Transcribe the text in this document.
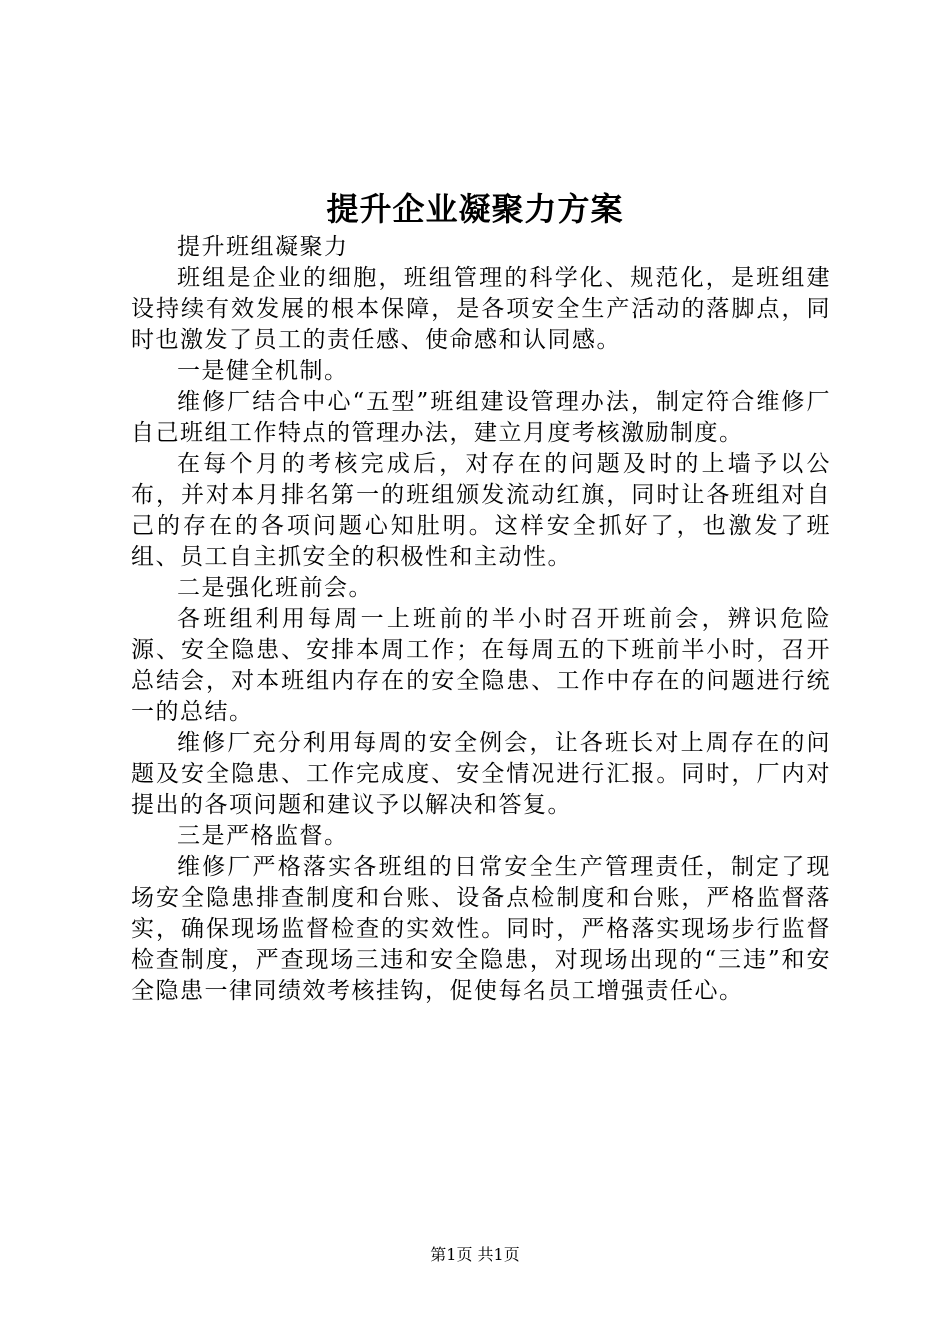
提升企业凝聚力方案

提升班组凝聚力

班组是企业的细胞，班组管理的科学化、规范化，是班组建设持续有效发展的根本保障，是各项安全生产活动的落脚点，同时也激发了员工的责任感、使命感和认同感。

一是健全机制。

维修厂结合中心“五型”班组建设管理办法，制定符合维修厂自己班组工作特点的管理办法，建立月度考核激励制度。

在每个月的考核完成后，对存在的问题及时的上墙予以公布，并对本月排名第一的班组颁发流动红旗，同时让各班组对自己的存在的各项问题心知肚明。这样安全抓好了，也激发了班组、员工自主抓安全的积极性和主动性。

二是强化班前会。

各班组利用每周一上班前的半小时召开班前会，辨识危险源、安全隐患、安排本周工作；在每周五的下班前半小时，召开总结会，对本班组内存在的安全隐患、工作中存在的问题进行统一的总结。

维修厂充分利用每周的安全例会，让各班长对上周存在的问题及安全隐患、工作完成度、安全情况进行汇报。同时，厂内对提出的各项问题和建议予以解决和答复。

三是严格监督。

维修厂严格落实各班组的日常安全生产管理责任，制定了现场安全隐患排查制度和台账、设备点检制度和台账，严格监督落实，确保现场监督检查的实效性。同时，严格落实现场步行监督检查制度，严查现场三违和安全隐患，对现场出现的“三违”和安全隐患一律同绩效考核挂钩，促使每名员工增强责任心。

第1页 共1页
